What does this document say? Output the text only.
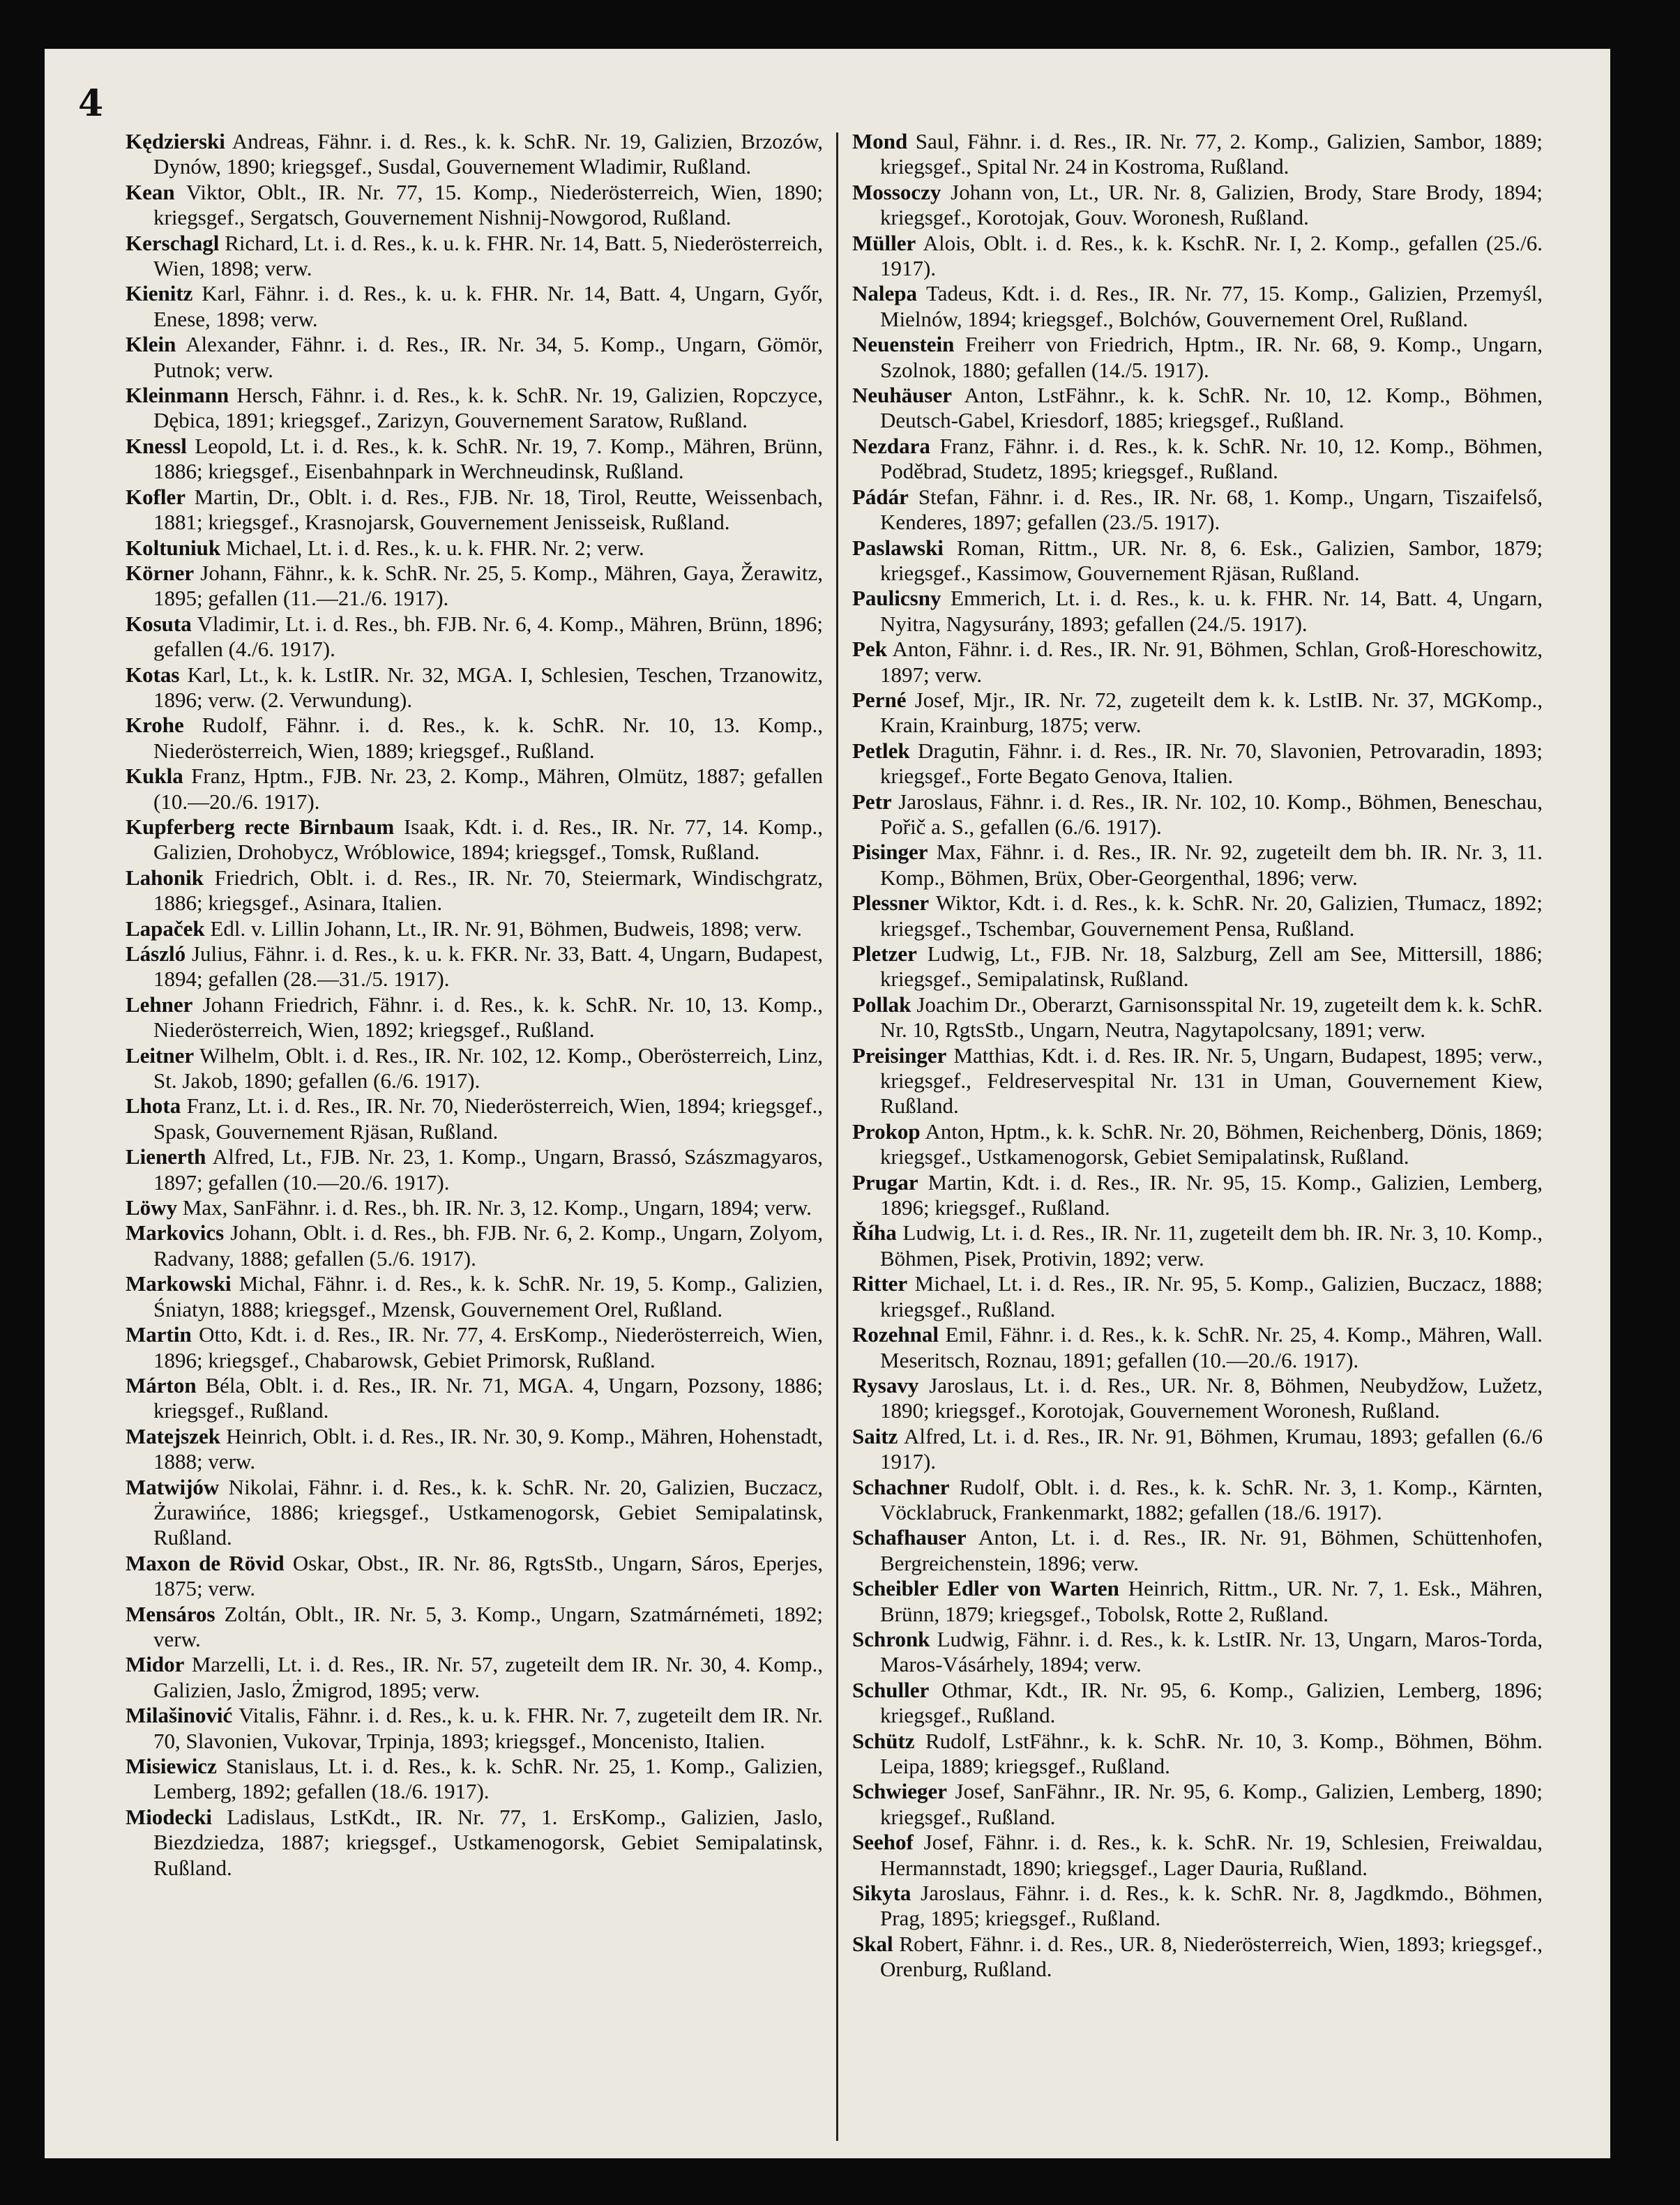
4

Kędzierski Andreas, Fähnr. i. d. Res., k. k. SchR. Nr. 19, Galizien, Brzozów, Dynów, 1890; kriegsgef., Susdal, Gouvernement Wladimir, Rußland.

Kean Viktor, Oblt., IR. Nr. 77, 15. Komp., Niederösterreich, Wien, 1890; kriegsgef., Sergatsch, Gouvernement Nishnij-Nowgorod, Rußland.

Kerschagl Richard, Lt. i. d. Res., k. u. k. FHR. Nr. 14, Batt. 5, Niederösterreich, Wien, 1898; verw.

Kienitz Karl, Fähnr. i. d. Res., k. u. k. FHR. Nr. 14, Batt. 4, Ungarn, Győr, Enese, 1898; verw.

Klein Alexander, Fähnr. i. d. Res., IR. Nr. 34, 5. Komp., Ungarn, Gömör, Putnok; verw.

Kleinmann Hersch, Fähnr. i. d. Res., k. k. SchR. Nr. 19, Galizien, Ropczyce, Dębica, 1891; kriegsgef., Zarizyn, Gouvernement Saratow, Rußland.

Knessl Leopold, Lt. i. d. Res., k. k. SchR. Nr. 19, 7. Komp., Mähren, Brünn, 1886; kriegsgef., Eisenbahnpark in Werchneudinsk, Rußland.

Kofler Martin, Dr., Oblt. i. d. Res., FJB. Nr. 18, Tirol, Reutte, Weissenbach, 1881; kriegsgef., Krasnojarsk, Gouvernement Jenisseisk, Rußland.

Koltuniuk Michael, Lt. i. d. Res., k. u. k. FHR. Nr. 2; verw.

Körner Johann, Fähnr., k. k. SchR. Nr. 25, 5. Komp., Mähren, Gaya, Žerawitz, 1895; gefallen (11.—21./6. 1917).

Kosuta Vladimir, Lt. i. d. Res., bh. FJB. Nr. 6, 4. Komp., Mähren, Brünn, 1896; gefallen (4./6. 1917).

Kotas Karl, Lt., k. k. LstIR. Nr. 32, MGA. I, Schlesien, Teschen, Trzanowitz, 1896; verw. (2. Verwundung).

Krohe Rudolf, Fähnr. i. d. Res., k. k. SchR. Nr. 10, 13. Komp., Niederösterreich, Wien, 1889; kriegsgef., Rußland.

Kukla Franz, Hptm., FJB. Nr. 23, 2. Komp., Mähren, Olmütz, 1887; gefallen (10.—20./6. 1917).

Kupferberg recte Birnbaum Isaak, Kdt. i. d. Res., IR. Nr. 77, 14. Komp., Galizien, Drohobycz, Wróblowice, 1894; kriegsgef., Tomsk, Rußland.

Lahonik Friedrich, Oblt. i. d. Res., IR. Nr. 70, Steiermark, Windischgratz, 1886; kriegsgef., Asinara, Italien.

Lapaček Edl. v. Lillin Johann, Lt., IR. Nr. 91, Böhmen, Budweis, 1898; verw.

László Julius, Fähnr. i. d. Res., k. u. k. FKR. Nr. 33, Batt. 4, Ungarn, Budapest, 1894; gefallen (28.—31./5. 1917).

Lehner Johann Friedrich, Fähnr. i. d. Res., k. k. SchR. Nr. 10, 13. Komp., Niederösterreich, Wien, 1892; kriegsgef., Rußland.

Leitner Wilhelm, Oblt. i. d. Res., IR. Nr. 102, 12. Komp., Oberösterreich, Linz, St. Jakob, 1890; gefallen (6./6. 1917).

Lhota Franz, Lt. i. d. Res., IR. Nr. 70, Niederösterreich, Wien, 1894; kriegsgef., Spask, Gouvernement Rjäsan, Rußland.

Lienerth Alfred, Lt., FJB. Nr. 23, 1. Komp., Ungarn, Brassó, Szászmagyaros, 1897; gefallen (10.—20./6. 1917).

Löwy Max, SanFähnr. i. d. Res., bh. IR. Nr. 3, 12. Komp., Ungarn, 1894; verw.

Markovics Johann, Oblt. i. d. Res., bh. FJB. Nr. 6, 2. Komp., Ungarn, Zolyom, Radvany, 1888; gefallen (5./6. 1917).

Markowski Michal, Fähnr. i. d. Res., k. k. SchR. Nr. 19, 5. Komp., Galizien, Śniatyn, 1888; kriegsgef., Mzensk, Gouvernement Orel, Rußland.

Martin Otto, Kdt. i. d. Res., IR. Nr. 77, 4. ErsKomp., Niederösterreich, Wien, 1896; kriegsgef., Chabarowsk, Gebiet Primorsk, Rußland.

Márton Béla, Oblt. i. d. Res., IR. Nr. 71, MGA. 4, Ungarn, Pozsony, 1886; kriegsgef., Rußland.

Matejszek Heinrich, Oblt. i. d. Res., IR. Nr. 30, 9. Komp., Mähren, Hohenstadt, 1888; verw.

Matwijów Nikolai, Fähnr. i. d. Res., k. k. SchR. Nr. 20, Galizien, Buczacz, Żurawińce, 1886; kriegsgef., Ustkamenogorsk, Gebiet Semipalatinsk, Rußland.

Maxon de Rövid Oskar, Obst., IR. Nr. 86, RgtsStb., Ungarn, Sáros, Eperjes, 1875; verw.

Mensáros Zoltán, Oblt., IR. Nr. 5, 3. Komp., Ungarn, Szatmárnémeti, 1892; verw.

Midor Marzelli, Lt. i. d. Res., IR. Nr. 57, zugeteilt dem IR. Nr. 30, 4. Komp., Galizien, Jaslo, Żmigrod, 1895; verw.

Milašinović Vitalis, Fähnr. i. d. Res., k. u. k. FHR. Nr. 7, zugeteilt dem IR. Nr. 70, Slavonien, Vukovar, Trpinja, 1893; kriegsgef., Moncenisto, Italien.

Misiewicz Stanislaus, Lt. i. d. Res., k. k. SchR. Nr. 25, 1. Komp., Galizien, Lemberg, 1892; gefallen (18./6. 1917).

Miodecki Ladislaus, LstKdt., IR. Nr. 77, 1. ErsKomp., Galizien, Jaslo, Biezdziedza, 1887; kriegsgef., Ustkamenogorsk, Gebiet Semipalatinsk, Rußland.

Mond Saul, Fähnr. i. d. Res., IR. Nr. 77, 2. Komp., Galizien, Sambor, 1889; kriegsgef., Spital Nr. 24 in Kostroma, Rußland.

Mossoczy Johann von, Lt., UR. Nr. 8, Galizien, Brody, Stare Brody, 1894; kriegsgef., Korotojak, Gouv. Woronesh, Rußland.

Müller Alois, Oblt. i. d. Res., k. k. KschR. Nr. I, 2. Komp., gefallen (25./6. 1917).

Nalepa Tadeus, Kdt. i. d. Res., IR. Nr. 77, 15. Komp., Galizien, Przemyśl, Mielnów, 1894; kriegsgef., Bolchów, Gouvernement Orel, Rußland.

Neuenstein Freiherr von Friedrich, Hptm., IR. Nr. 68, 9. Komp., Ungarn, Szolnok, 1880; gefallen (14./5. 1917).

Neuhäuser Anton, LstFähnr., k. k. SchR. Nr. 10, 12. Komp., Böhmen, Deutsch-Gabel, Kriesdorf, 1885; kriegsgef., Rußland.

Nezdara Franz, Fähnr. i. d. Res., k. k. SchR. Nr. 10, 12. Komp., Böhmen, Poděbrad, Studetz, 1895; kriegsgef., Rußland.

Pádár Stefan, Fähnr. i. d. Res., IR. Nr. 68, 1. Komp., Ungarn, Tiszaifelső, Kenderes, 1897; gefallen (23./5. 1917).

Paslawski Roman, Rittm., UR. Nr. 8, 6. Esk., Galizien, Sambor, 1879; kriegsgef., Kassimow, Gouvernement Rjäsan, Rußland.

Paulicsny Emmerich, Lt. i. d. Res., k. u. k. FHR. Nr. 14, Batt. 4, Ungarn, Nyitra, Nagysurány, 1893; gefallen (24./5. 1917).

Pek Anton, Fähnr. i. d. Res., IR. Nr. 91, Böhmen, Schlan, Groß-Horeschowitz, 1897; verw.

Perné Josef, Mjr., IR. Nr. 72, zugeteilt dem k. k. LstIB. Nr. 37, MGKomp., Krain, Krainburg, 1875; verw.

Petlek Dragutin, Fähnr. i. d. Res., IR. Nr. 70, Slavonien, Petrovaradin, 1893; kriegsgef., Forte Begato Genova, Italien.

Petr Jaroslaus, Fähnr. i. d. Res., IR. Nr. 102, 10. Komp., Böhmen, Beneschau, Pořič a. S., gefallen (6./6. 1917).

Pisinger Max, Fähnr. i. d. Res., IR. Nr. 92, zugeteilt dem bh. IR. Nr. 3, 11. Komp., Böhmen, Brüx, Ober-Georgenthal, 1896; verw.

Plessner Wiktor, Kdt. i. d. Res., k. k. SchR. Nr. 20, Galizien, Tłumacz, 1892; kriegsgef., Tschembar, Gouvernement Pensa, Rußland.

Pletzer Ludwig, Lt., FJB. Nr. 18, Salzburg, Zell am See, Mittersill, 1886; kriegsgef., Semipalatinsk, Rußland.

Pollak Joachim Dr., Oberarzt, Garnisonsspital Nr. 19, zugeteilt dem k. k. SchR. Nr. 10, RgtsStb., Ungarn, Neutra, Nagytapolcsany, 1891; verw.

Preisinger Matthias, Kdt. i. d. Res. IR. Nr. 5, Ungarn, Budapest, 1895; verw., kriegsgef., Feldreservespital Nr. 131 in Uman, Gouvernement Kiew, Rußland.

Prokop Anton, Hptm., k. k. SchR. Nr. 20, Böhmen, Reichenberg, Dönis, 1869; kriegsgef., Ustkamenogorsk, Gebiet Semipalatinsk, Rußland.

Prugar Martin, Kdt. i. d. Res., IR. Nr. 95, 15. Komp., Galizien, Lemberg, 1896; kriegsgef., Rußland.

Říha Ludwig, Lt. i. d. Res., IR. Nr. 11, zugeteilt dem bh. IR. Nr. 3, 10. Komp., Böhmen, Pisek, Protivin, 1892; verw.

Ritter Michael, Lt. i. d. Res., IR. Nr. 95, 5. Komp., Galizien, Buczacz, 1888; kriegsgef., Rußland.

Rozehnal Emil, Fähnr. i. d. Res., k. k. SchR. Nr. 25, 4. Komp., Mähren, Wall. Meseritsch, Roznau, 1891; gefallen (10.—20./6. 1917).

Rysavy Jaroslaus, Lt. i. d. Res., UR. Nr. 8, Böhmen, Neubydžow, Lužetz, 1890; kriegsgef., Korotojak, Gouvernement Woronesh, Rußland.

Saitz Alfred, Lt. i. d. Res., IR. Nr. 91, Böhmen, Krumau, 1893; gefallen (6./6 1917).

Schachner Rudolf, Oblt. i. d. Res., k. k. SchR. Nr. 3, 1. Komp., Kärnten, Vöcklabruck, Frankenmarkt, 1882; gefallen (18./6. 1917).

Schafhauser Anton, Lt. i. d. Res., IR. Nr. 91, Böhmen, Schüttenhofen, Bergreichenstein, 1896; verw.

Scheibler Edler von Warten Heinrich, Rittm., UR. Nr. 7, 1. Esk., Mähren, Brünn, 1879; kriegsgef., Tobolsk, Rotte 2, Rußland.

Schronk Ludwig, Fähnr. i. d. Res., k. k. LstIR. Nr. 13, Ungarn, Maros-Torda, Maros-Vásárhely, 1894; verw.

Schuller Othmar, Kdt., IR. Nr. 95, 6. Komp., Galizien, Lemberg, 1896; kriegsgef., Rußland.

Schütz Rudolf, LstFähnr., k. k. SchR. Nr. 10, 3. Komp., Böhmen, Böhm. Leipa, 1889; kriegsgef., Rußland.

Schwieger Josef, SanFähnr., IR. Nr. 95, 6. Komp., Galizien, Lemberg, 1890; kriegsgef., Rußland.

Seehof Josef, Fähnr. i. d. Res., k. k. SchR. Nr. 19, Schlesien, Freiwaldau, Hermannstadt, 1890; kriegsgef., Lager Dauria, Rußland.

Sikyta Jaroslaus, Fähnr. i. d. Res., k. k. SchR. Nr. 8, Jagdkmdo., Böhmen, Prag, 1895; kriegsgef., Rußland.

Skal Robert, Fähnr. i. d. Res., UR. 8, Niederösterreich, Wien, 1893; kriegsgef., Orenburg, Rußland.
